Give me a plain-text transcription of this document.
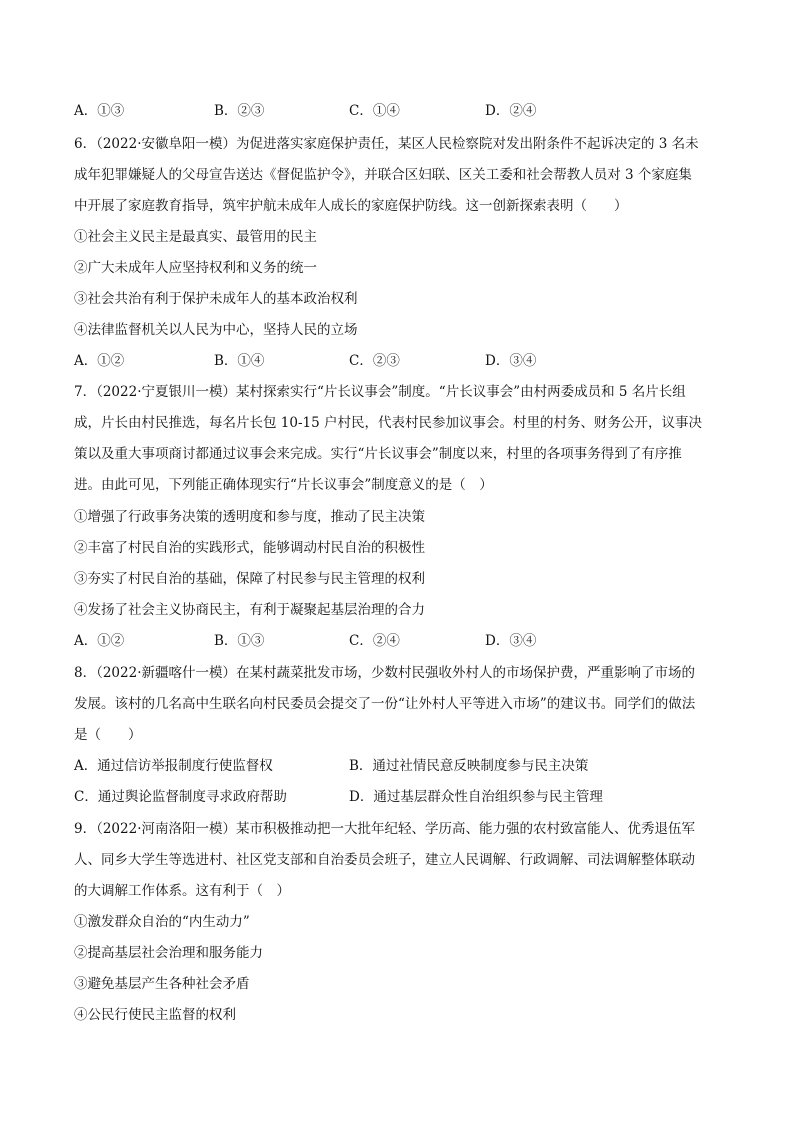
A．①③	B．②③	C．①④	D．②④
6．（2022·安徽阜阳一模）为促进落实家庭保护责任，某区人民检察院对发出附条件不起诉决定的 3 名未
成年犯罪嫌疑人的父母宣告送达《督促监护令》，并联合区妇联、区关工委和社会帮教人员对 3 个家庭集
中开展了家庭教育指导，筑牢护航未成年人成长的家庭保护防线。这一创新探索表明（　　）
①社会主义民主是最真实、最管用的民主
②广大未成年人应坚持权利和义务的统一
③社会共治有利于保护未成年人的基本政治权利
④法律监督机关以人民为中心，坚持人民的立场
A．①②	B．①④	C．②③	D．③④
7．（2022·宁夏银川一模）某村探索实行“片长议事会”制度。“片长议事会”由村两委成员和 5 名片长组
成，片长由村民推选，每名片长包 10-15 户村民，代表村民参加议事会。村里的村务、财务公开，议事决
策以及重大事项商讨都通过议事会来完成。实行“片长议事会”制度以来，村里的各项事务得到了有序推
进。由此可见，下列能正确体现实行“片长议事会”制度意义的是（　）
①增强了行政事务决策的透明度和参与度，推动了民主决策
②丰富了村民自治的实践形式，能够调动村民自治的积极性
③夯实了村民自治的基础，保障了村民参与民主管理的权利
④发扬了社会主义协商民主，有利于凝聚起基层治理的合力
A．①②	B．①③	C．②④	D．③④
8．（2022·新疆喀什一模）在某村蔬菜批发市场，少数村民强收外村人的市场保护费，严重影响了市场的
发展。该村的几名高中生联名向村民委员会提交了一份“让外村人平等进入市场”的建议书。同学们的做法
是（　　）
A．通过信访举报制度行使监督权	B．通过社情民意反映制度参与民主决策
C．通过舆论监督制度寻求政府帮助	D．通过基层群众性自治组织参与民主管理
9．（2022·河南洛阳一模）某市积极推动把一大批年纪轻、学历高、能力强的农村致富能人、优秀退伍军
人、同乡大学生等选进村、社区党支部和自治委员会班子，建立人民调解、行政调解、司法调解整体联动
的大调解工作体系。这有利于（　）
①激发群众自治的“内生动力”
②提高基层社会治理和服务能力
③避免基层产生各种社会矛盾
④公民行使民主监督的权利
